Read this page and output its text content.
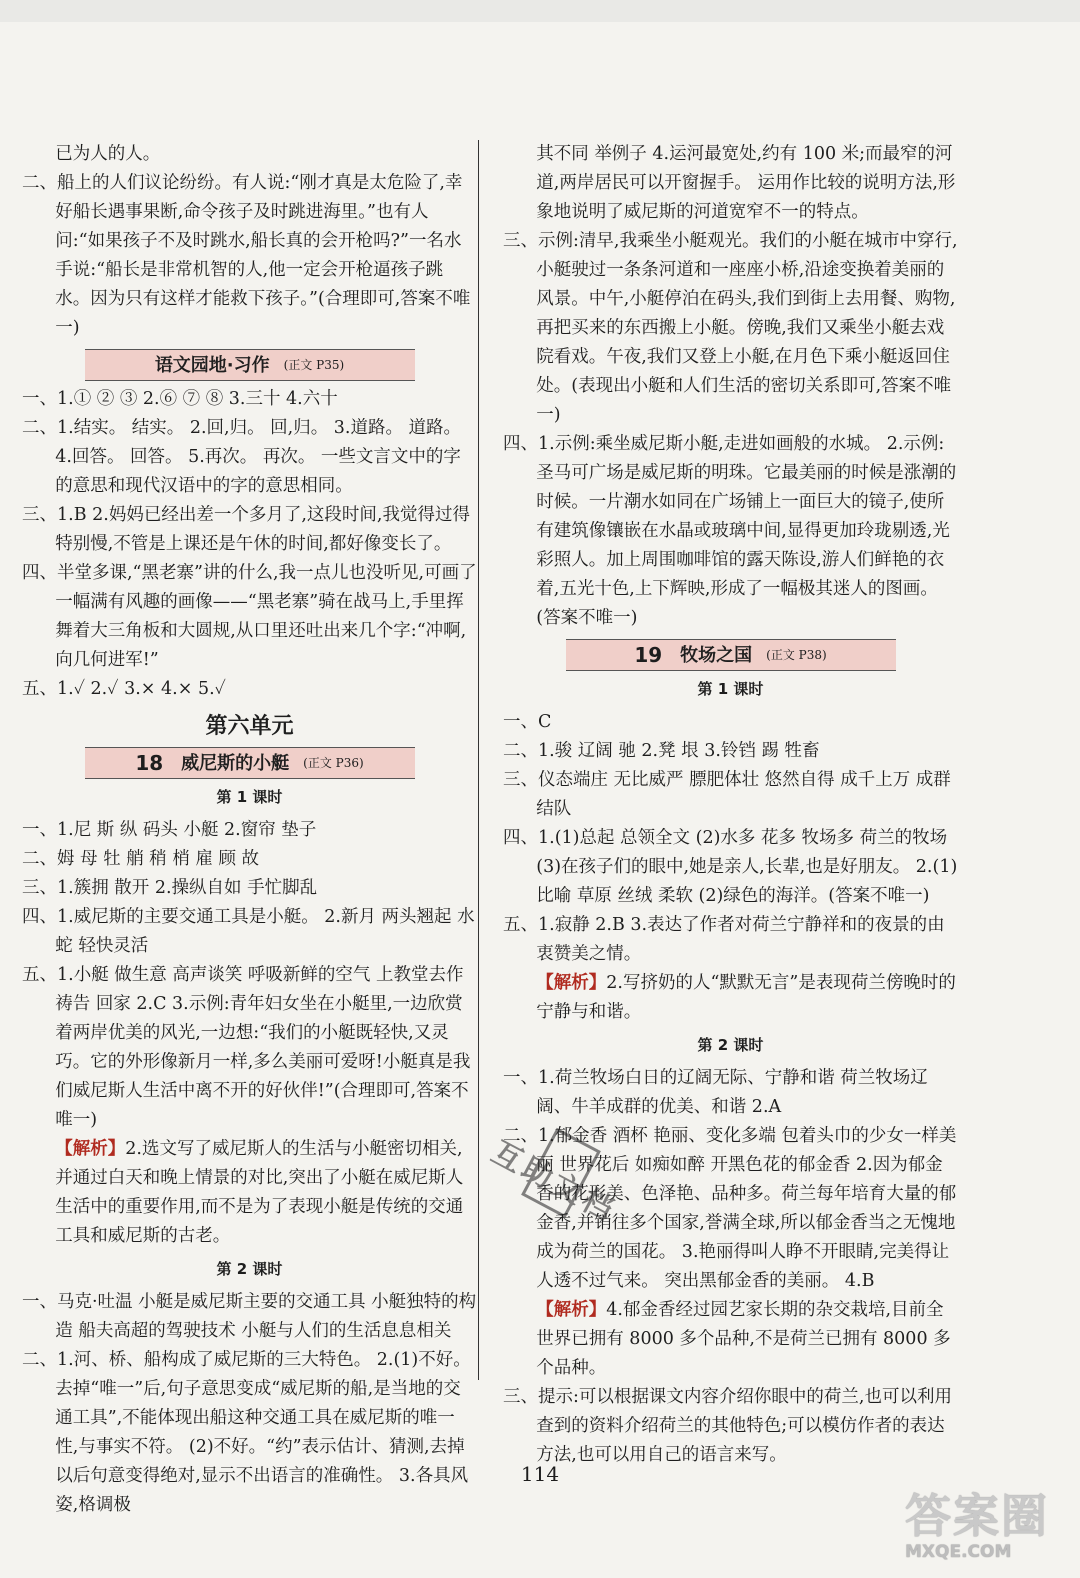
已为人的人。

二、船上的人们议论纷纷。有人说:“刚才真是太危险了,幸好船长遇事果断,命令孩子及时跳进海里。”也有人问:“如果孩子不及时跳水,船长真的会开枪吗?”一名水手说:“船长是非常机智的人,他一定会开枪逼孩子跳水。因为只有这样才能救下孩子。”(合理即可,答案不唯一)

语文园地·习作 (正文 P35)

一、1.① ② ③ 2.⑥ ⑦ ⑧ 3.三十 4.六十

二、1.结实。 结实。 2.回,归。 回,归。 3.道路。 道路。 4.回答。 回答。 5.再次。 再次。 一些文言文中的字的意思和现代汉语中的字的意思相同。

三、1.B 2.妈妈已经出差一个多月了,这段时间,我觉得过得特别慢,不管是上课还是午休的时间,都好像变长了。

四、半堂多课,“黑老寨”讲的什么,我一点儿也没听见,可画了一幅满有风趣的画像——“黑老寨”骑在战马上,手里挥舞着大三角板和大圆规,从口里还吐出来几个字:“冲啊,向几何进军!”

五、1.✓ 2.✓ 3.× 4.× 5.✓

第六单元
18 威尼斯的小艇 (正文 P36)
第 1 课时

一、1.尼 斯 纵 码头 小艇 2.窗帘 垫子

二、姆 母 牡 艄 稍 梢 雇 顾 故

三、1.簇拥 散开 2.操纵自如 手忙脚乱

四、1.威尼斯的主要交通工具是小艇。 2.新月 两头翘起 水蛇 轻快灵活

五、1.小艇 做生意 高声谈笑 呼吸新鲜的空气 上教堂去作祷告 回家 2.C 3.示例:青年妇女坐在小艇里,一边欣赏着两岸优美的风光,一边想:“我们的小艇既轻快,又灵巧。它的外形像新月一样,多么美丽可爱呀!小艇真是我们威尼斯人生活中离不开的好伙伴!”(合理即可,答案不唯一)

【解析】2.选文写了威尼斯人的生活与小艇密切相关,并通过白天和晚上情景的对比,突出了小艇在威尼斯人生活中的重要作用,而不是为了表现小艇是传统的交通工具和威尼斯的古老。

第 2 课时

一、马克·吐温 小艇是威尼斯主要的交通工具 小艇独特的构造 船夫高超的驾驶技术 小艇与人们的生活息息相关

二、1.河、桥、船构成了威尼斯的三大特色。 2.(1)不好。去掉“唯一”后,句子意思变成“威尼斯的船,是当地的交通工具”,不能体现出船这种交通工具在威尼斯的唯一性,与事实不符。 (2)不好。“约”表示估计、猜测,去掉以后句意变得绝对,显示不出语言的准确性。 3.各具风姿,格调极

其不同 举例子 4.运河最宽处,约有 100 米;而最窄的河道,两岸居民可以开窗握手。 运用作比较的说明方法,形象地说明了威尼斯的河道宽窄不一的特点。

三、示例:清早,我乘坐小艇观光。我们的小艇在城市中穿行,小艇驶过一条条河道和一座座小桥,沿途变换着美丽的风景。中午,小艇停泊在码头,我们到街上去用餐、购物,再把买来的东西搬上小艇。傍晚,我们又乘坐小艇去戏院看戏。午夜,我们又登上小艇,在月色下乘小艇返回住处。(表现出小艇和人们生活的密切关系即可,答案不唯一)

四、1.示例:乘坐威尼斯小艇,走进如画般的水城。 2.示例:圣马可广场是威尼斯的明珠。它最美丽的时候是涨潮的时候。一片潮水如同在广场铺上一面巨大的镜子,使所有建筑像镶嵌在水晶或玻璃中间,显得更加玲珑剔透,光彩照人。加上周围咖啡馆的露天陈设,游人们鲜艳的衣着,五光十色,上下辉映,形成了一幅极其迷人的图画。(答案不唯一)

19 牧场之国 (正文 P38)
第 1 课时

一、C

二、1.骏 辽阔 驰 2.凳 垠 3.铃铛 踢 牲畜

三、仪态端庄 无比威严 膘肥体壮 悠然自得 成千上万 成群结队

四、1.(1)总起 总领全文 (2)水多 花多 牧场多 荷兰的牧场 (3)在孩子们的眼中,她是亲人,长辈,也是好朋友。 2.(1)比喻 草原 丝绒 柔软 (2)绿色的海洋。(答案不唯一)

五、1.寂静 2.B 3.表达了作者对荷兰宁静祥和的夜景的由衷赞美之情。

【解析】2.写挤奶的人“默默无言”是表现荷兰傍晚时的宁静与和谐。

第 2 课时

一、1.荷兰牧场白日的辽阔无际、宁静和谐 荷兰牧场辽阔、牛羊成群的优美、和谐 2.A

二、1.郁金香 酒杯 艳丽、变化多端 包着头巾的少女一样美丽 世界花后 如痴如醉 开黑色花的郁金香 2.因为郁金香的花形美、色泽艳、品种多。荷兰每年培育大量的郁金香,并销往多个国家,誉满全球,所以郁金香当之无愧地成为荷兰的国花。 3.艳丽得叫人睁不开眼睛,完美得让人透不过气来。 突出黑郁金香的美丽。 4.B

【解析】4.郁金香经过园艺家长期的杂交栽培,目前全世界已拥有 8000 多个品种,不是荷兰已拥有 8000 多个品种。

三、提示:可以根据课文内容介绍你眼中的荷兰,也可以利用查到的资料介绍荷兰的其他特色;可以模仿作者的表达方法,也可以用自己的语言来写。

114
互助文档
答案圈
MXQE.COM
